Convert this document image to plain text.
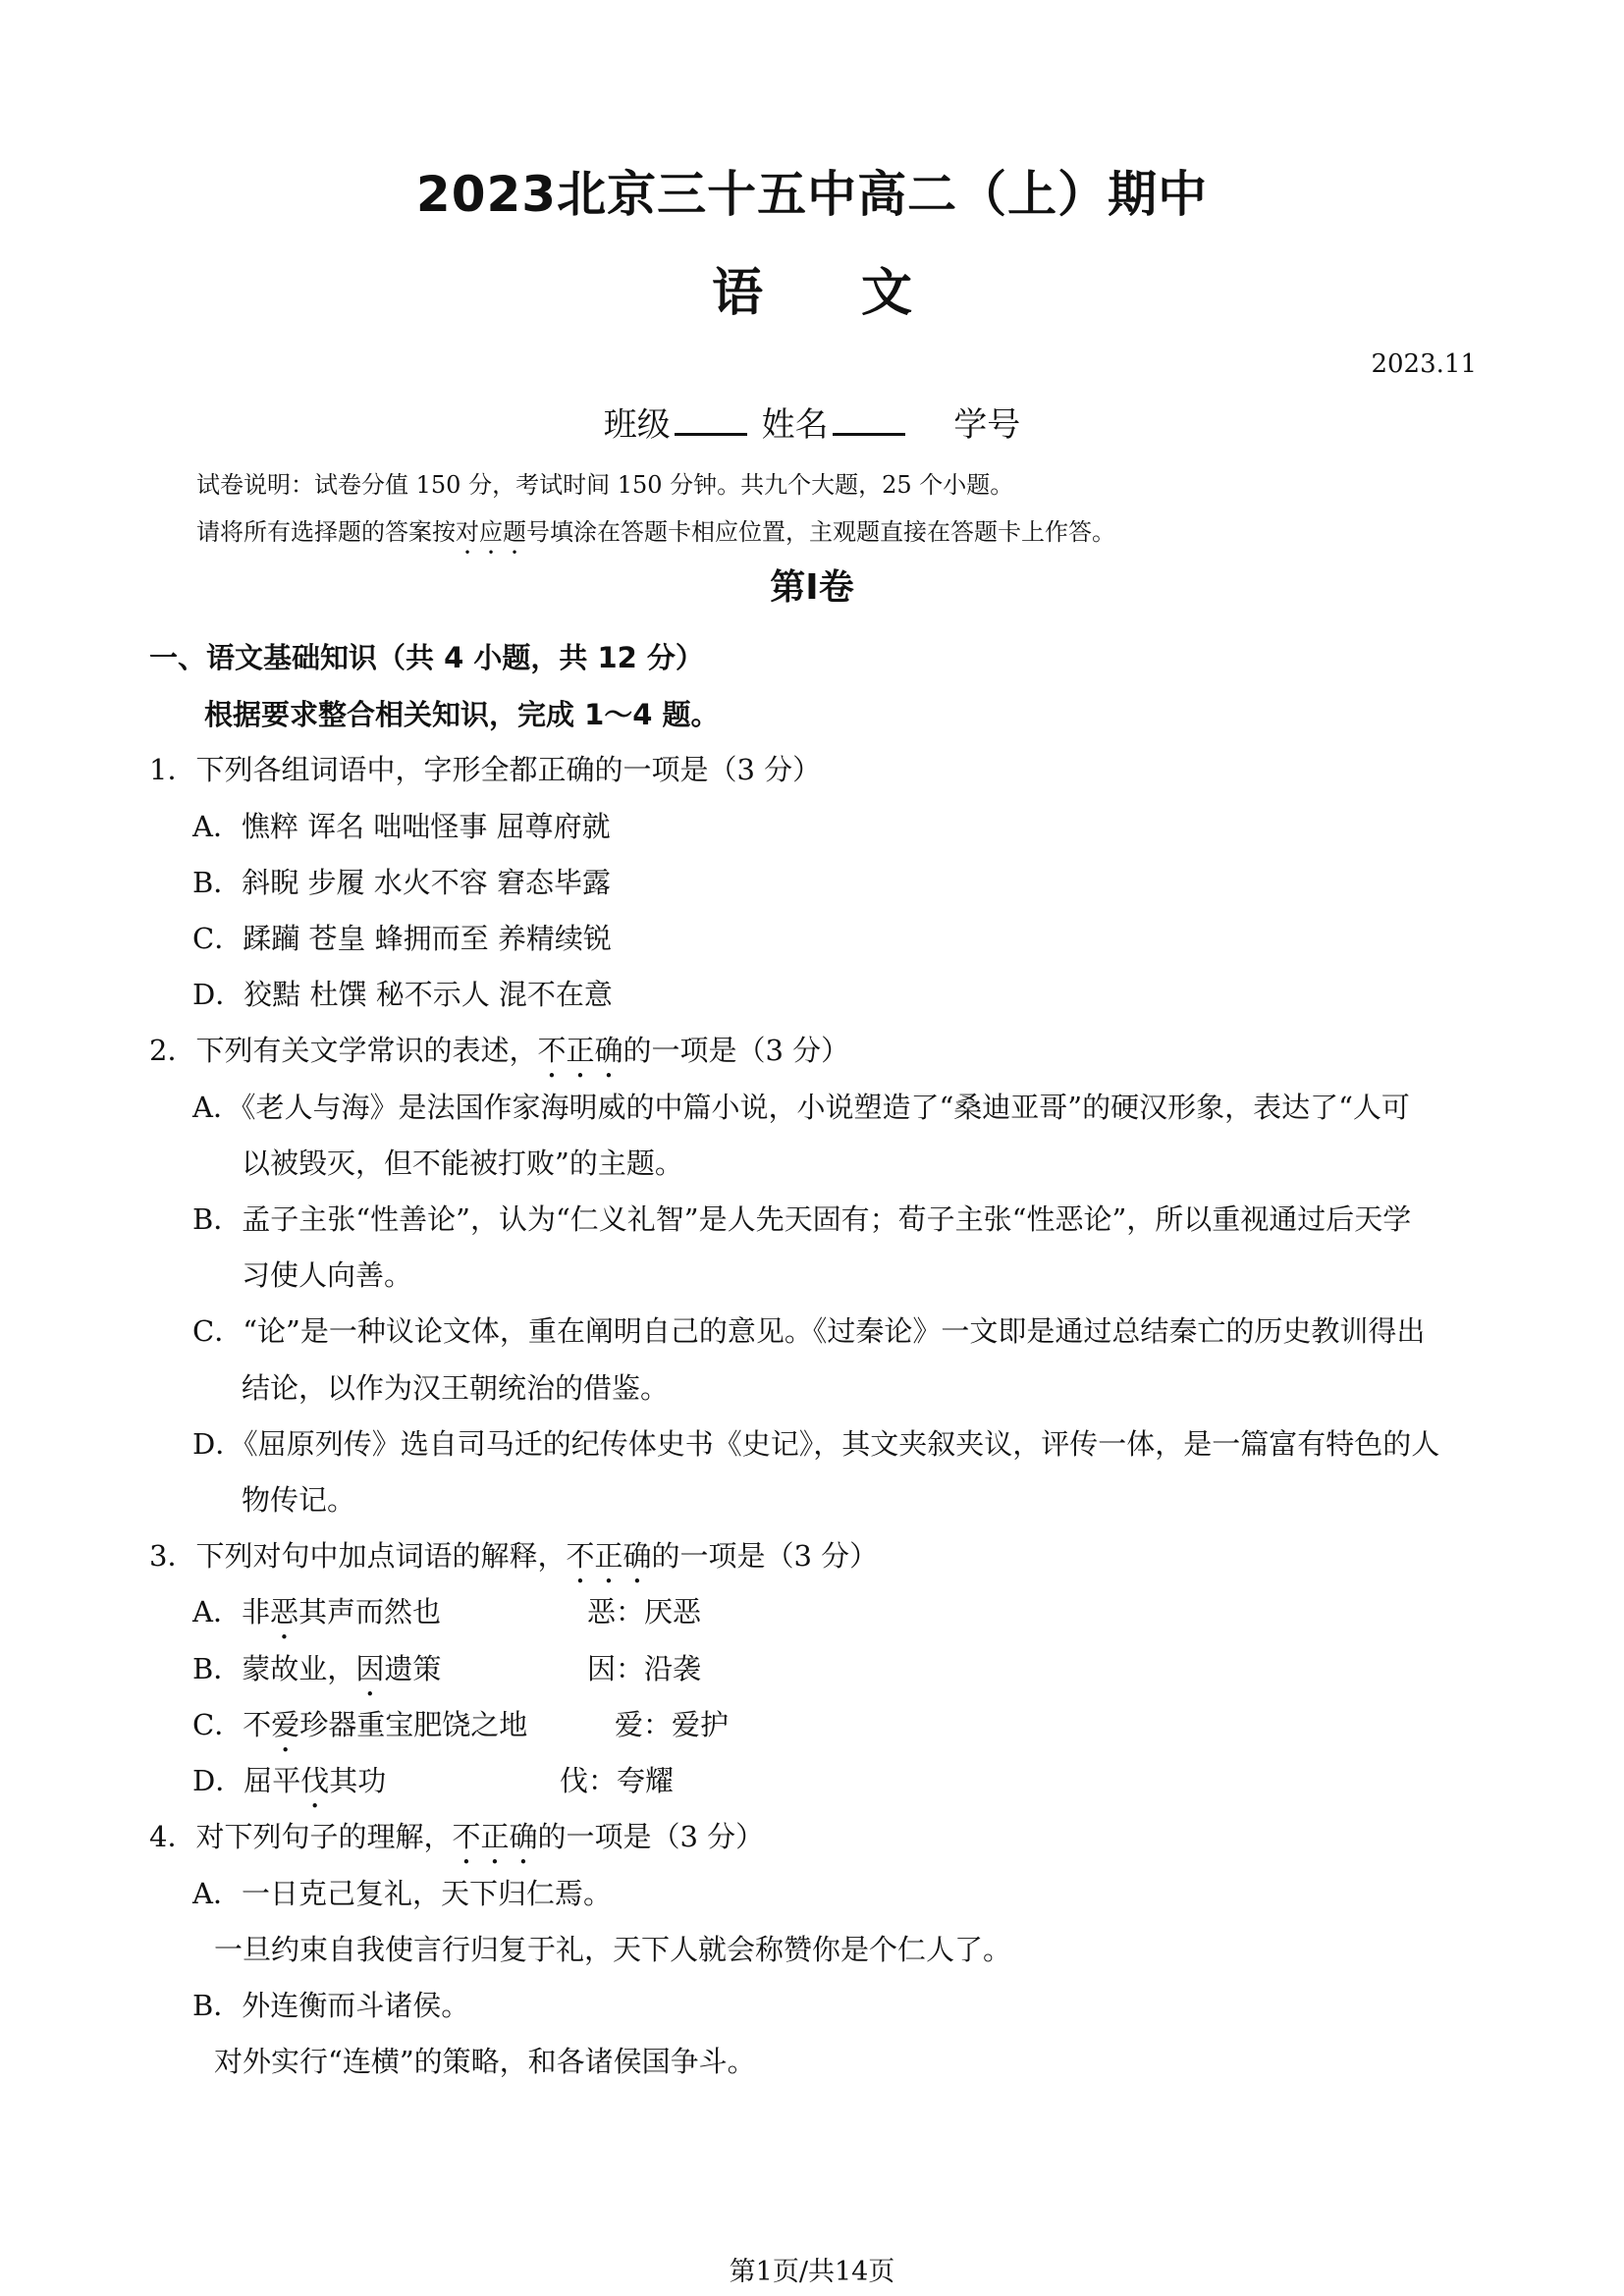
2023北京三十五中高二（上）期中
语文
2023.11
班级	姓名	学号
试卷说明：试卷分值 150 分，考试时间 150 分钟。共九个大题，25 个小题。
请将所有选择题的答案按对应题号填涂在答题卡相应位置，主观题直接在答题卡上作答。
第Ⅰ卷
一、语文基础知识（共 4 小题，共 12 分）
根据要求整合相关知识，完成 1～4 题。
1．下列各组词语中，字形全都正确的一项是（3 分）
A．憔粹 诨名 咄咄怪事 屈尊府就
B．斜睨 步履 水火不容 窘态毕露
C．蹂躏 苍皇 蜂拥而至 养精续锐
D．狡黠 杜馔 秘不示人 混不在意
2．下列有关文学常识的表述，不正确的一项是（3 分）
A．《老人与海》是法国作家海明威的中篇小说，小说塑造了“桑迪亚哥”的硬汉形象，表达了“人可
以被毁灭，但不能被打败”的主题。
B．孟子主张“性善论”，认为“仁义礼智”是人先天固有；荀子主张“性恶论”，所以重视通过后天学
习使人向善。
C．“论”是一种议论文体，重在阐明自己的意见。《过秦论》一文即是通过总结秦亡的历史教训得出
结论，以作为汉王朝统治的借鉴。
D．《屈原列传》选自司马迁的纪传体史书《史记》，其文夹叙夹议，评传一体，是一篇富有特色的人
物传记。
3．下列对句中加点词语的解释，不正确的一项是（3 分）
A．非恶其声而然也	恶：厌恶
B．蒙故业，因遗策	因：沿袭
C．不爱珍器重宝肥饶之地	爱：爱护
D．屈平伐其功	伐：夸耀
4．对下列句子的理解，不正确的一项是（3 分）
A．一日克己复礼，天下归仁焉。
一旦约束自我使言行归复于礼，天下人就会称赞你是个仁人了。
B．外连衡而斗诸侯。
对外实行“连横”的策略，和各诸侯国争斗。
第1页/共14页
